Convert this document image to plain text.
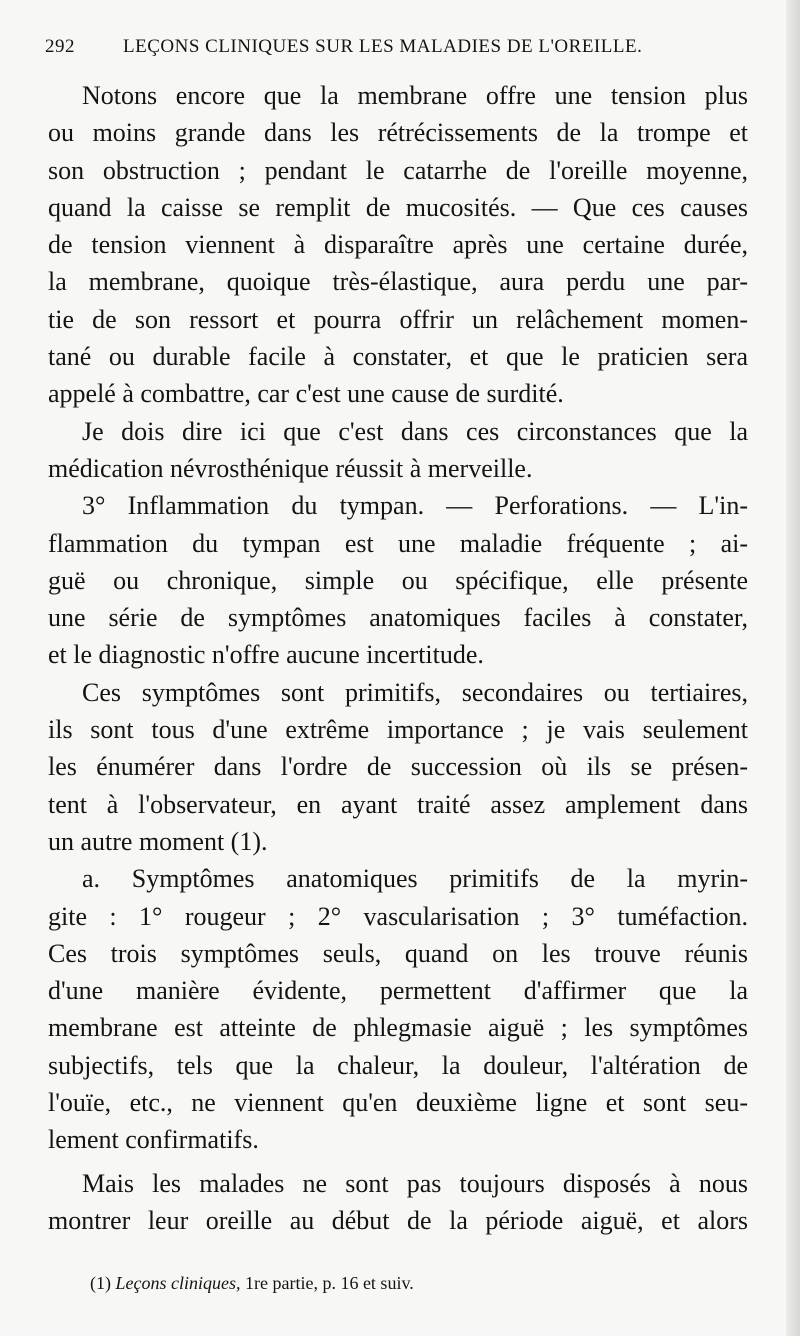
292	LEÇONS CLINIQUES SUR LES MALADIES DE L'OREILLE.
Notons encore que la membrane offre une tension plus
ou moins grande dans les rétrécissements de la trompe et
son obstruction ; pendant le catarrhe de l'oreille moyenne,
quand la caisse se remplit de mucosités. — Que ces causes
de tension viennent à disparaître après une certaine durée,
la membrane, quoique très-élastique, aura perdu une par-
tie de son ressort et pourra offrir un relâchement momen-
tané ou durable facile à constater, et que le praticien sera
appelé à combattre, car c'est une cause de surdité.
Je dois dire ici que c'est dans ces circonstances que la
médication névrosthénique réussit à merveille.
3° Inflammation du tympan. — Perforations. — L'in-
flammation du tympan est une maladie fréquente ; ai-
guë ou chronique, simple ou spécifique, elle présente
une série de symptômes anatomiques faciles à constater,
et le diagnostic n'offre aucune incertitude.
Ces symptômes sont primitifs, secondaires ou tertiaires,
ils sont tous d'une extrême importance ; je vais seulement
les énumérer dans l'ordre de succession où ils se présen-
tent à l'observateur, en ayant traité assez amplement dans
un autre moment (1).
a. Symptômes anatomiques primitifs de la myrin-
gite : 1° rougeur ; 2° vascularisation ; 3° tuméfaction.
Ces trois symptômes seuls, quand on les trouve réunis
d'une manière évidente, permettent d'affirmer que la
membrane est atteinte de phlegmasie aiguë ; les symptômes
subjectifs, tels que la chaleur, la douleur, l'altération de
l'ouïe, etc., ne viennent qu'en deuxième ligne et sont seu-
lement confirmatifs.
Mais les malades ne sont pas toujours disposés à nous
montrer leur oreille au début de la période aiguë, et alors
(1) Leçons cliniques, 1re partie, p. 16 et suiv.
